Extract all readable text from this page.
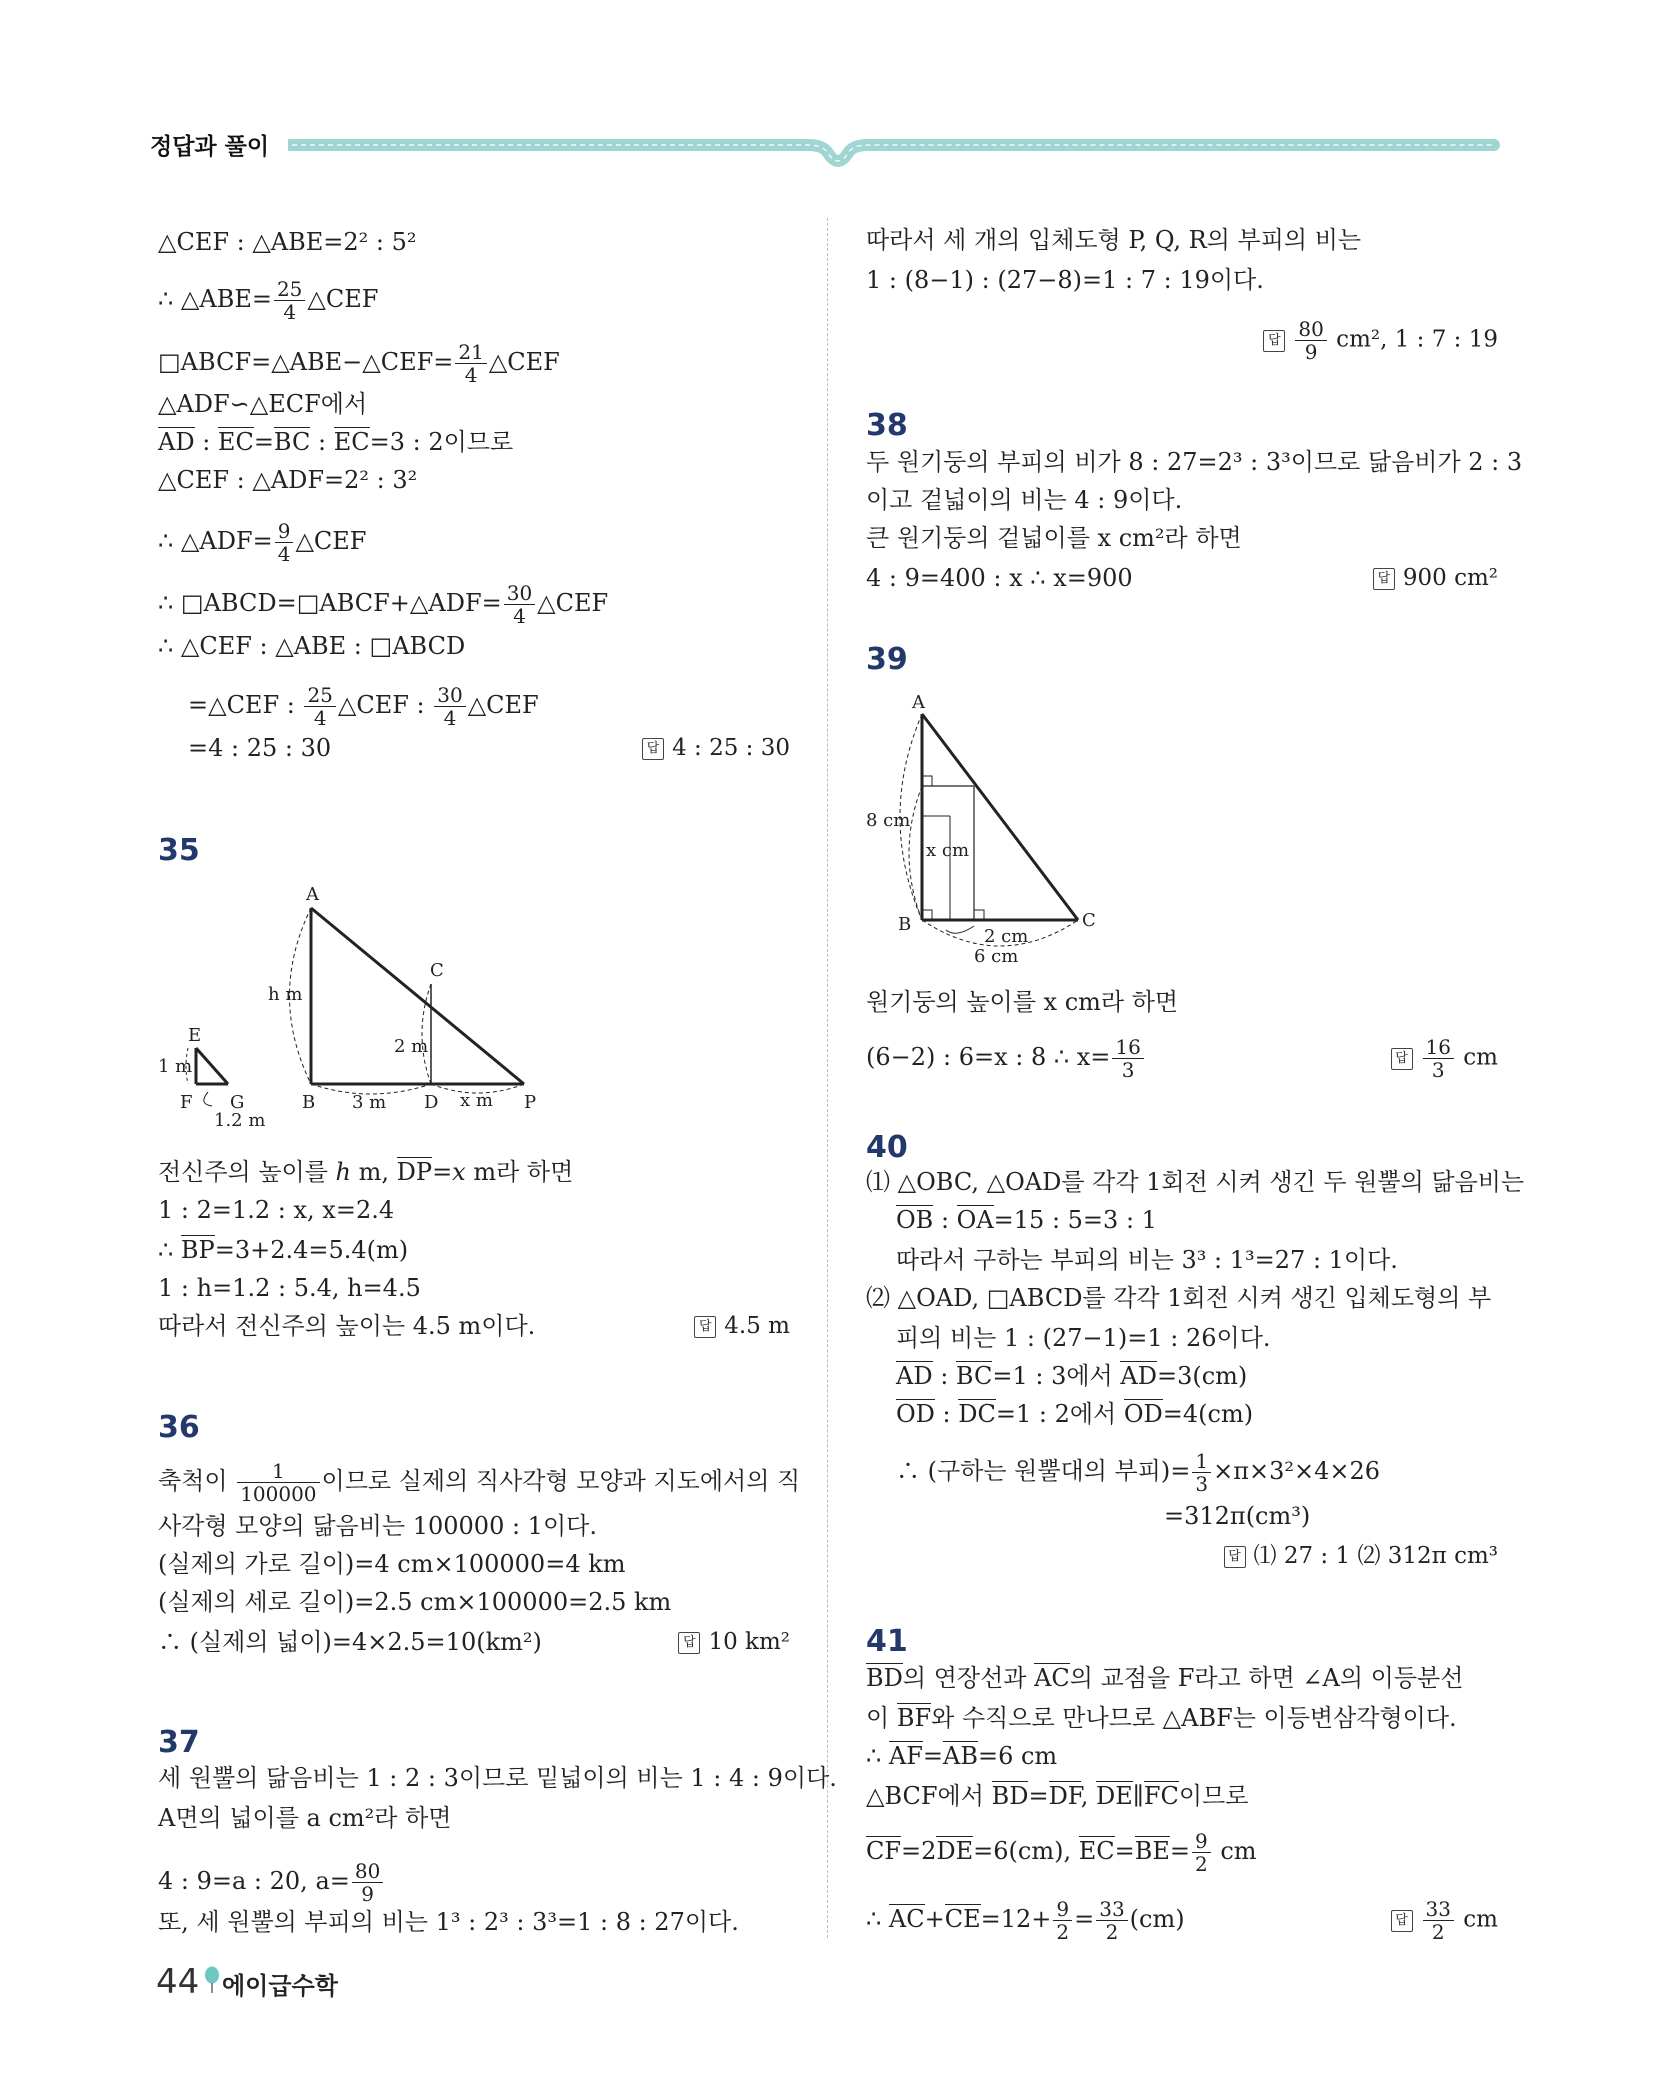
정답과 풀이
△CEF : △ABE=2² : 5²
∴ △ABE= $\frac{25}{4}$ △CEF
□ABCF=△ABE−△CEF= $\frac{21}{4}$ △CEF
△ADF∽△ECF에서
AD : EC=BC : EC=3 : 2이므로
△CEF : △ADF=2² : 3²
∴ △ADF= $\frac{9}{4}$ △CEF
∴ □ABCD=□ABCF+△ADF= $\frac{30}{4}$ △CEF
∴ △CEF : △ABE : □ABCD
=△CEF : $\frac{25}{4}$ △CEF : $\frac{30}{4}$ △CEF
=4 : 25 : 30	답 4 : 25 : 30
35
A
C
E
F G	B	D	P
h m
2 m
1 m
3 m	x m
1.2 m
전신주의 높이를 h m, DP=x m라 하면
1 : 2=1.2 : x, x=2.4
∴ BP=3+2.4=5.4(m)
1 : h=1.2 : 5.4, h=4.5
따라서 전신주의 높이는 4.5 m이다.	답 4.5 m
36
축척이 $\frac{1}{100000}$ 이므로 실제의 직사각형 모양과 지도에서의 직
사각형 모양의 닮음비는 100000 : 1이다.
(실제의 가로 길이)=4 cm×100000=4 km
(실제의 세로 길이)=2.5 cm×100000=2.5 km
∴ (실제의 넓이)=4×2.5=10(km²)	답 10 km²
37
세 원뿔의 닮음비는 1 : 2 : 3이므로 밑넓이의 비는 1 : 4 : 9이다.
A면의 넓이를 a cm²라 하면
4 : 9=a : 20, $a= \frac{80}{9}$
또, 세 원뿔의 부피의 비는 1³ : 2³ : 3³=1 : 8 : 27이다.
따라서 세 개의 입체도형 P, Q, R의 부피의 비는
1 : (8−1) : (27−8)=1 : 7 : 19이다.
답 $\frac{80}{9} cm^2$, 1 : 7 : 19
38
두 원기둥의 부피의 비가 8 : 27=2³ : 3³이므로 닮음비가 2 : 3
이고 겉넓이의 비는 4 : 9이다.
큰 원기둥의 겉넓이를 x cm²라 하면
4 : 9=400 : x ∴ x=900	답 900 cm²
39
A
B	C
8 cm
x cm
2 cm
6 cm
원기둥의 높이를 x cm라 하면
(6−2) : 6=x : 8 ∴ $x= \frac{16}{3}$	답 $\frac{16}{3}$ cm
40
⑴ △OBC, △OAD를 각각 1회전 시켜 생긴 두 원뿔의 닮음비는
OB : OA=15 : 5=3 : 1
따라서 구하는 부피의 비는 3³ : 1³=27 : 1이다.
⑵ △OAD, □ABCD를 각각 1회전 시켜 생긴 입체도형의 부
피의 비는 1 : (27−1)=1 : 26이다.
AD : BC=1 : 3에서 AD=3(cm)
OD : DC=1 : 2에서 OD=4(cm)
∴ (구하는 원뿔대의 부피)= $\frac{1}{3} \times\pi\times 3^2\times 4\times 26$
=312π(cm³)
답 ⑴ 27 : 1 ⑵ 312π cm³
41
BD의 연장선과 AC의 교점을 F라고 하면 ∠A의 이등분선
이 BF와 수직으로 만나므로 △ABF는 이등변삼각형이다.
∴ AF=AB=6 cm
△BCF에서 BD=DF, DE∥FC이므로
CF=2DE=6(cm), $EC=BE= \frac{9}{2}$ cm
∴ $AC+CE=12+ \frac{9}{2} = \frac{33}{2} (cm)$	답 $\frac{33}{2}$ cm
44 에이급수학
